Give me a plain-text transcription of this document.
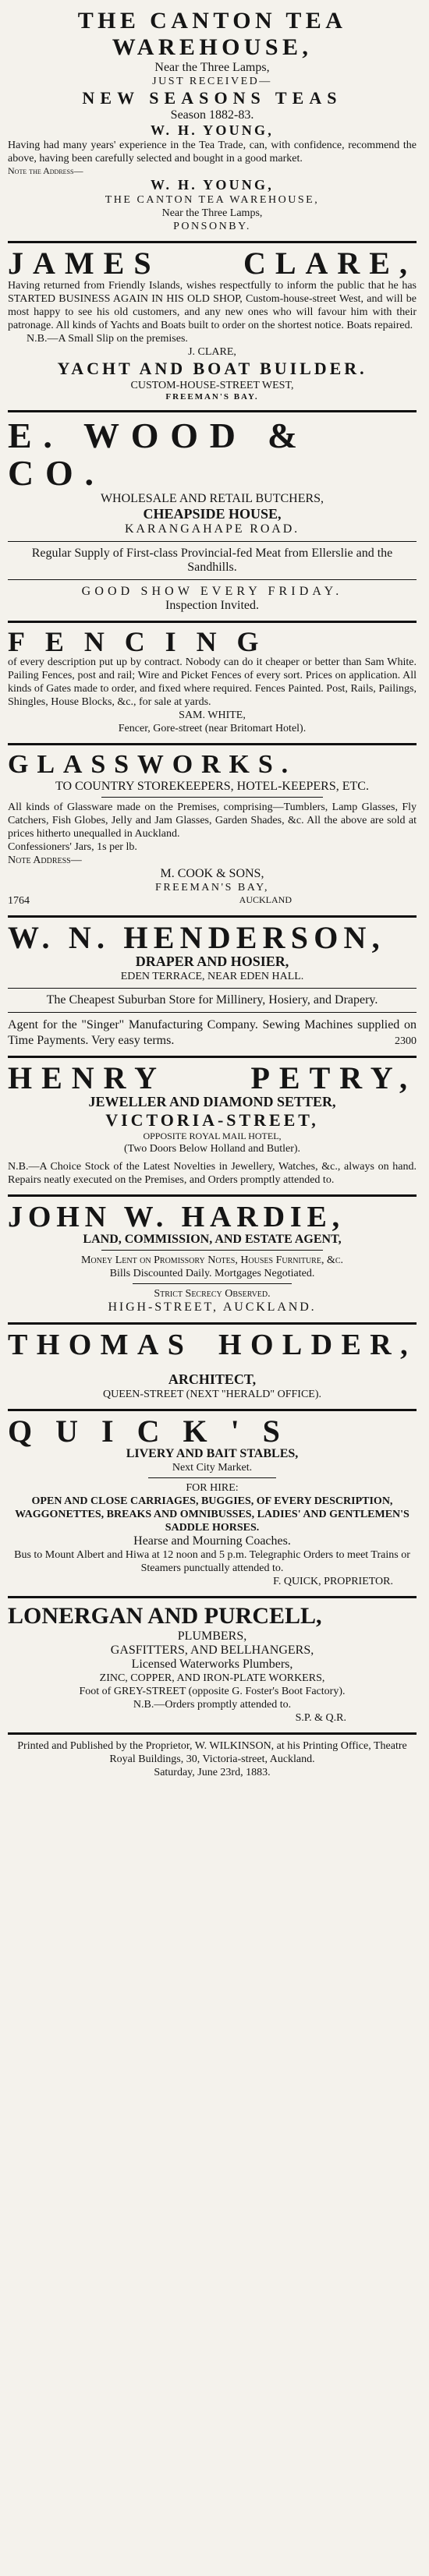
THE CANTON TEA WAREHOUSE,
Near the Three Lamps,
JUST RECEIVED—
NEW SEASONS TEAS
Season 1882-83.
W. H. YOUNG,
Having had many years' experience in the Tea Trade, can, with confidence, recommend the above, having been carefully selected and bought in a good market.
Note the Address—
W. H. YOUNG,
THE CANTON TEA WAREHOUSE,
Near the Three Lamps,
PONSONBY.
JAMES	CLARE,
Having returned from Friendly Islands, wishes respectfully to inform the public that he has STARTED BUSINESS AGAIN IN HIS OLD SHOP, Custom-house-street West, and will be most happy to see his old customers, and any new ones who will favour him with their patronage. All kinds of Yachts and Boats built to order on the shortest notice. Boats repaired.
N.B.—A Small Slip on the premises.
J. CLARE,
YACHT AND BOAT BUILDER.
CUSTOM-HOUSE-STREET WEST,
FREEMAN'S BAY.
E. WOOD & CO.
WHOLESALE AND RETAIL BUTCHERS,
CHEAPSIDE HOUSE,
KARANGAHAPE ROAD.
Regular Supply of First-class Provincial-fed Meat from Ellerslie and the Sandhills.
GOOD SHOW EVERY FRIDAY.
Inspection Invited.
FENCING
of every description put up by contract. Nobody can do it cheaper or better than Sam White. Pailing Fences, post and rail; Wire and Picket Fences of every sort. Prices on application. All kinds of Gates made to order, and fixed where required. Fences Painted. Post, Rails, Pailings, Shingles, House Blocks, &c., for sale at yards.
SAM. WHITE,
Fencer, Gore-street (near Britomart Hotel).
GLASSWORKS.
TO COUNTRY STOREKEEPERS, HOTEL-KEEPERS, ETC.
All kinds of Glassware made on the Premises, comprising—Tumblers, Lamp Glasses, Fly Catchers, Fish Globes, Jelly and Jam Glasses, Garden Shades, &c. All the above are sold at prices hitherto unequalled in Auckland.
Confessioners' Jars, 1s per lb.
Note Address—
M. COOK & SONS,
FREEMAN'S BAY,
1764	AUCKLAND
W. N. HENDERSON,
DRAPER AND HOSIER,
EDEN TERRACE, NEAR EDEN HALL.
The Cheapest Suburban Store for Millinery, Hosiery, and Drapery.
Agent for the "Singer" Manufacturing Company. Sewing Machines supplied on Time Payments. Very easy terms.	2300
HENRY	PETRY,
JEWELLER AND DIAMOND SETTER,
VICTORIA-STREET,
OPPOSITE ROYAL MAIL HOTEL,
(Two Doors Below Holland and Butler).
N.B.—A Choice Stock of the Latest Novelties in Jewellery, Watches, &c., always on hand. Repairs neatly executed on the Premises, and Orders promptly attended to.
JOHN W. HARDIE,
LAND, COMMISSION, AND ESTATE AGENT,
Money Lent on Promissory Notes, Houses Furniture, &c.
Bills Discounted Daily. Mortgages Negotiated.
Strict Secrecy Observed.
HIGH-STREET, AUCKLAND.
THOMAS HOLDER,
ARCHITECT,
QUEEN-STREET (NEXT "HERALD" OFFICE).
QUICK'S
LIVERY AND BAIT STABLES,
Next City Market.
FOR HIRE:
OPEN AND CLOSE CARRIAGES, BUGGIES, OF EVERY DESCRIPTION, WAGGONETTES, BREAKS AND OMNIBUSSES, LADIES' AND GENTLEMEN'S SADDLE HORSES.
Hearse and Mourning Coaches.
Bus to Mount Albert and Hiwa at 12 noon and 5 p.m. Telegraphic Orders to meet Trains or Steamers punctually attended to.
F. QUICK, PROPRIETOR.
LONERGAN AND PURCELL,
PLUMBERS,
GASFITTERS, AND BELLHANGERS,
Licensed Waterworks Plumbers,
ZINC, COPPER, AND IRON-PLATE WORKERS,
Foot of GREY-STREET (opposite G. Foster's Boot Factory).
N.B.—Orders promptly attended to.
S.P. & Q.R.
Printed and Published by the Proprietor, W. WILKINSON, at his Printing Office, Theatre Royal Buildings, 30, Victoria-street, Auckland.
Saturday, June 23rd, 1883.
